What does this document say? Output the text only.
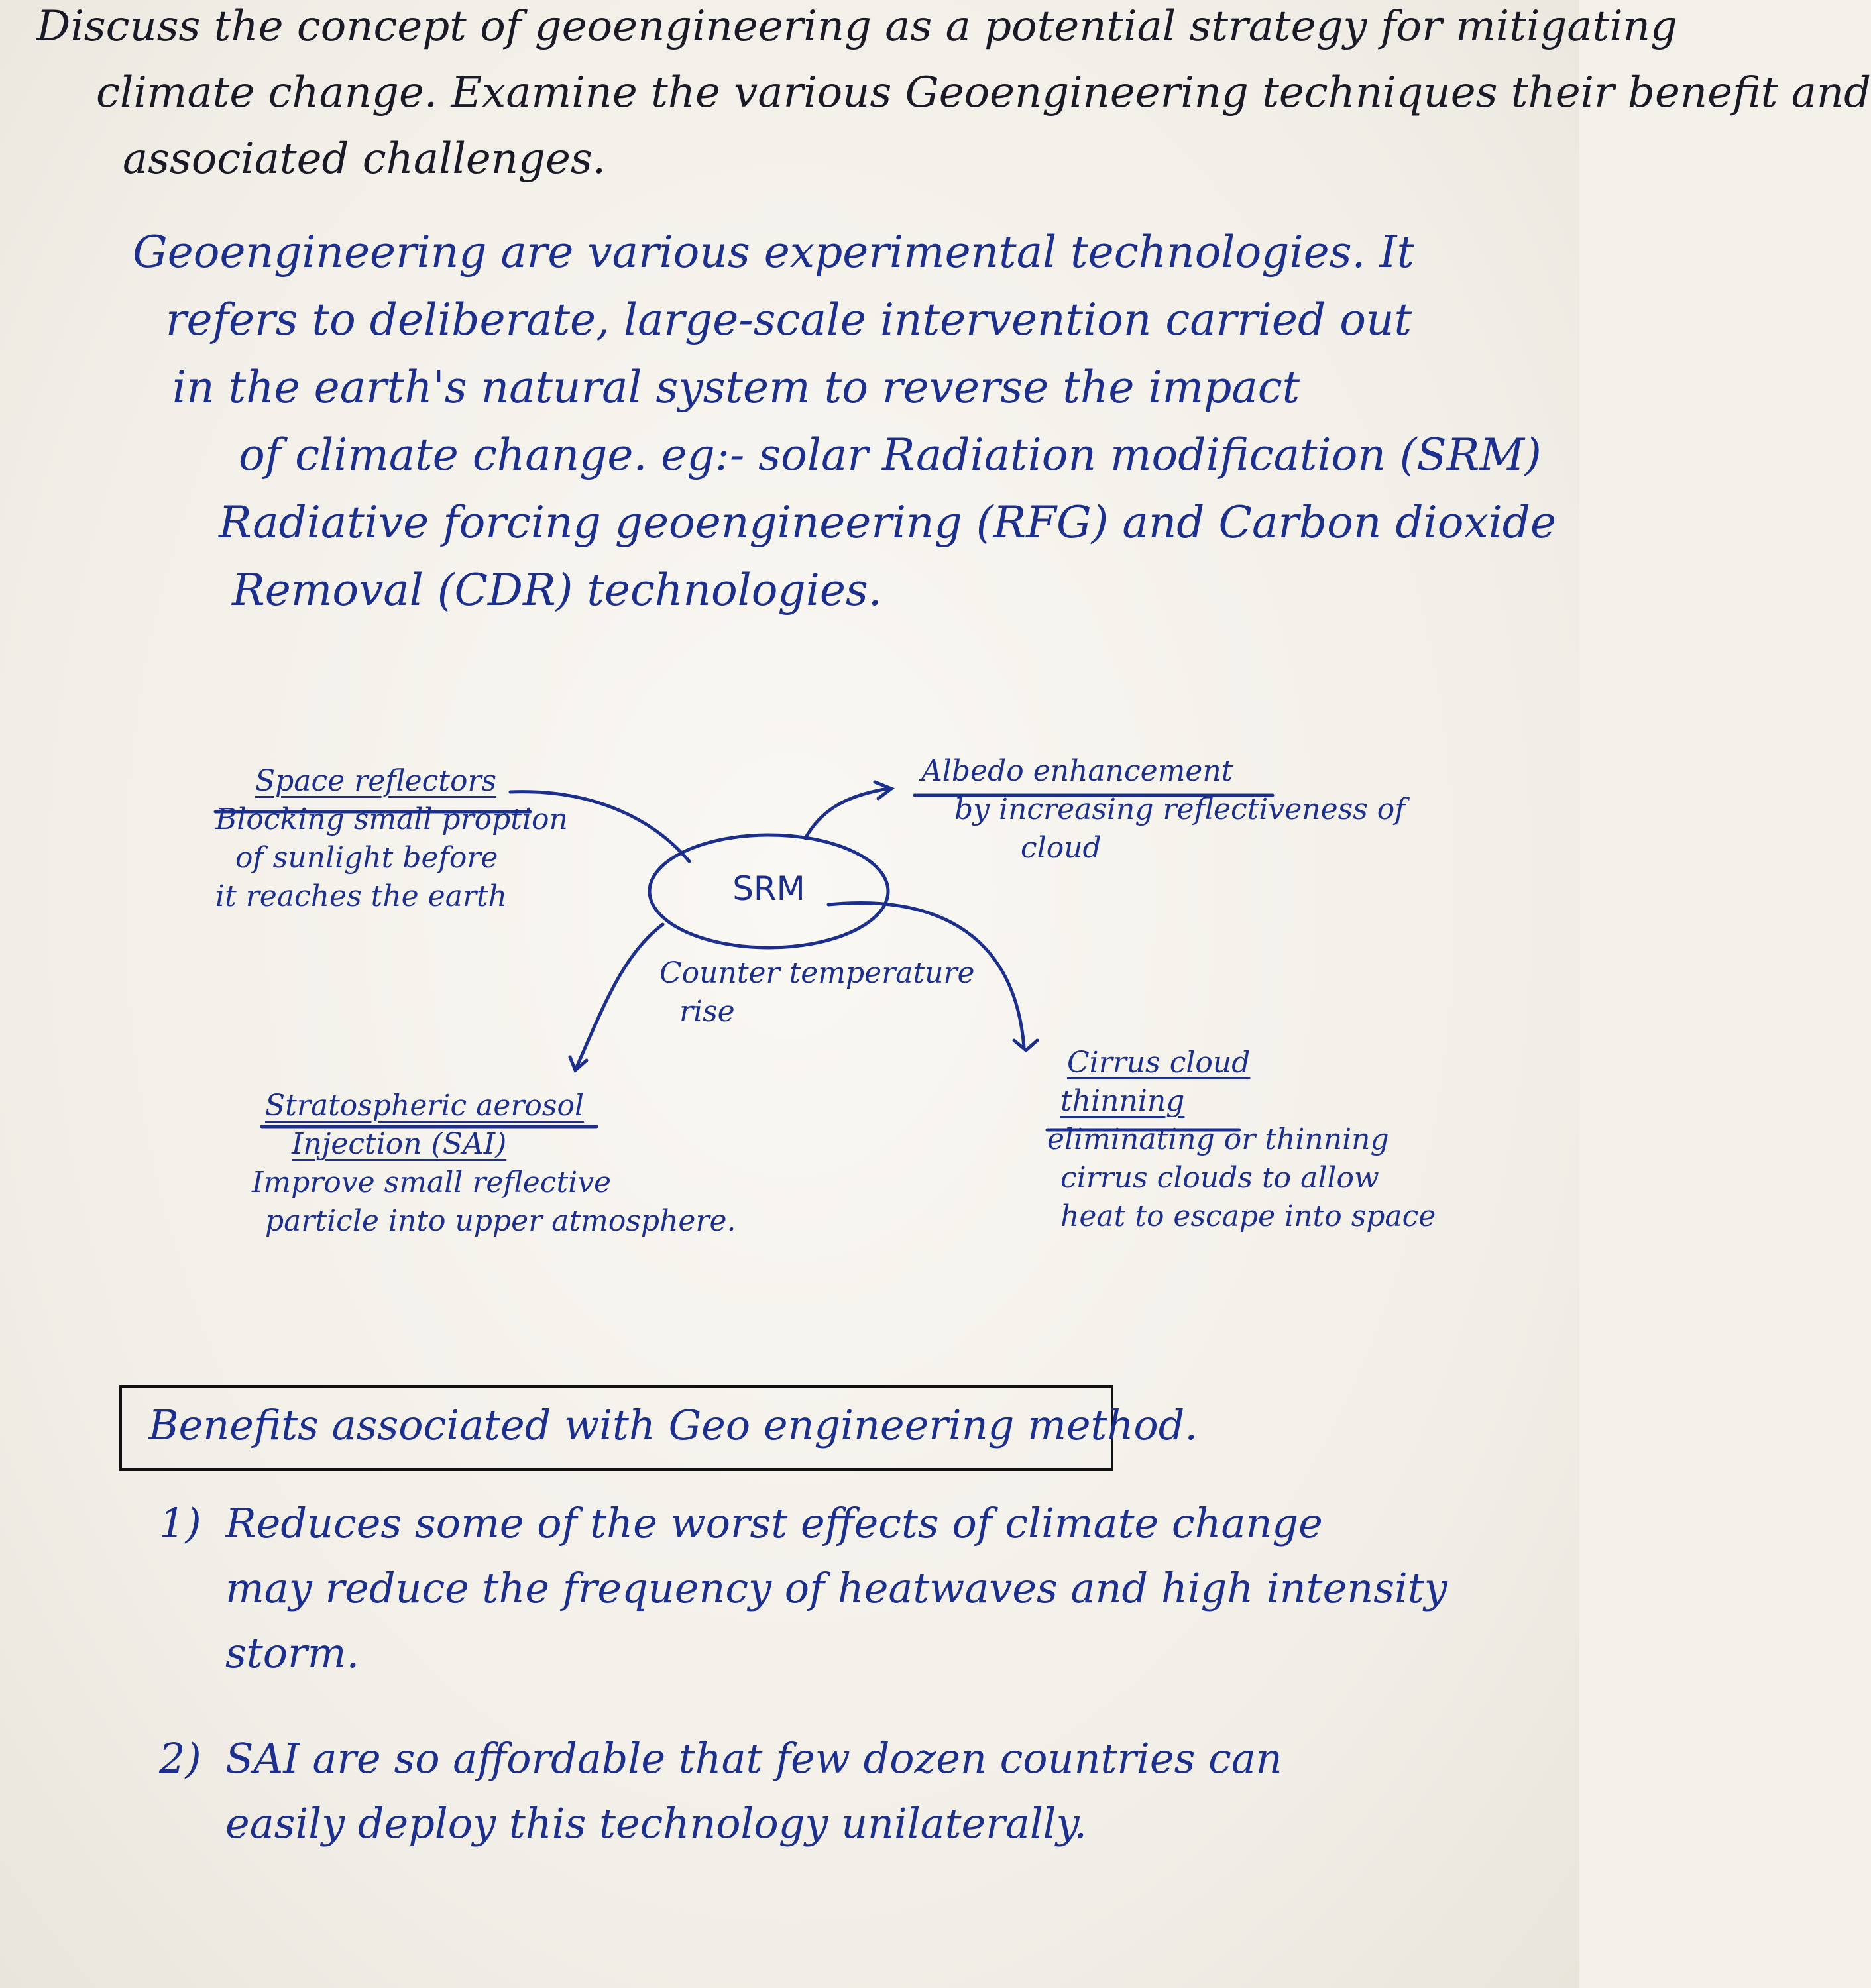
Discuss the concept of geoengineering as a potential strategy for mitigating
climate change. Examine the various Geoengineering techniques their benefit and
associated challenges.
Geoengineering are various experimental technologies. It
refers to deliberate, large-scale intervention carried out
in the earth's natural system to reverse the impact
of climate change. eg:- solar Radiation modification (SRM)
Radiative forcing geoengineering (RFG) and Carbon dioxide
Removal (CDR) technologies.
SRM
Counter temperature
rise
Space reflectors
Blocking small proption
of sunlight before
it reaches the earth
Albedo enhancement
by increasing reflectiveness of
cloud
Stratospheric aerosol
Injection (SAI)
Improve small reflective
particle into upper atmosphere.
Cirrus cloud
thinning
eliminating or thinning
cirrus clouds to allow
heat to escape into space
Benefits associated with Geo engineering method.
1) Reduces some of the worst effects of climate change
may reduce the frequency of heatwaves and high intensity
storm.
2) SAI are so affordable that few dozen countries can
easily deploy this technology unilaterally.
